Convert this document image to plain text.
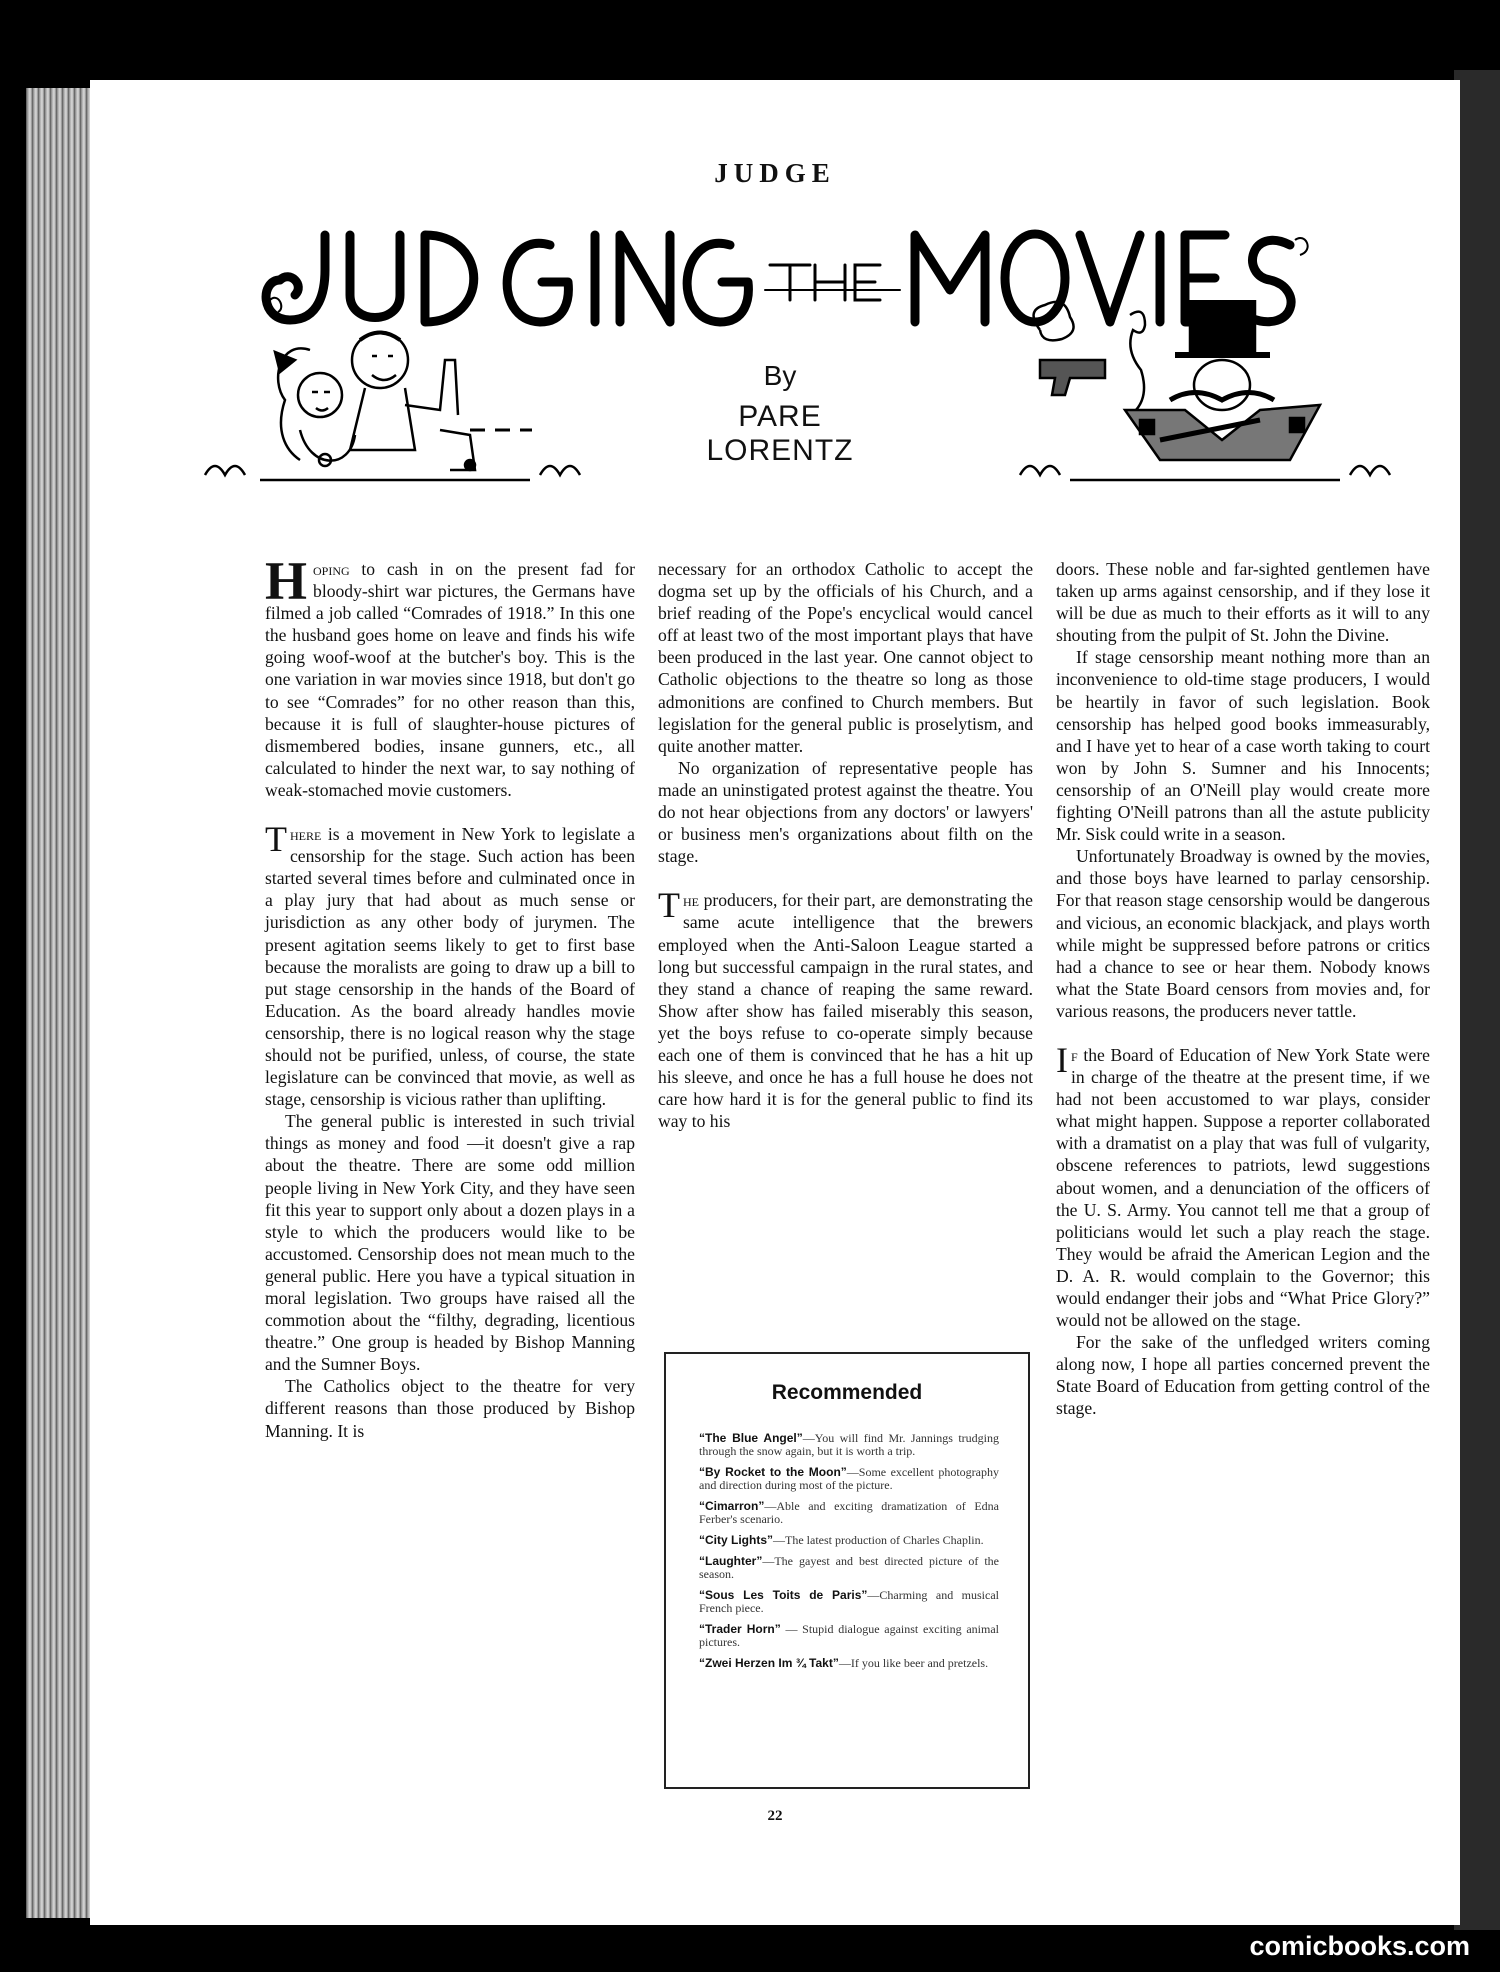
JUDGE
By
PARE LORENTZ

Hoping to cash in on the present fad for bloody-shirt war pictures, the Germans have filmed a job called “Comrades of 1918.” In this one the husband goes home on leave and finds his wife going woof-woof at the butcher's boy. This is the one variation in war movies since 1918, but don't go to see “Comrades” for no other reason than this, because it is full of slaughter-house pictures of dismembered bodies, insane gunners, etc., all calculated to hinder the next war, to say nothing of weak-stomached movie customers.

There is a movement in New York to legislate a censorship for the stage. Such action has been started several times before and culminated once in a play jury that had about as much sense or jurisdiction as any other body of jurymen. The present agitation seems likely to get to first base because the moralists are going to draw up a bill to put stage censorship in the hands of the Board of Education. As the board already handles movie censorship, there is no logical reason why the stage should not be purified, unless, of course, the state legislature can be convinced that movie, as well as stage, censorship is vicious rather than uplifting.

The general public is interested in such trivial things as money and food —it doesn't give a rap about the theatre. There are some odd million people living in New York City, and they have seen fit this year to support only about a dozen plays in a style to which the producers would like to be accustomed. Censorship does not mean much to the general public. Here you have a typical situation in moral legislation. Two groups have raised all the commotion about the “filthy, degrading, licentious theatre.” One group is headed by Bishop Manning and the Sumner Boys.

The Catholics object to the theatre for very different reasons than those produced by Bishop Manning. It is

necessary for an orthodox Catholic to accept the dogma set up by the officials of his Church, and a brief reading of the Pope's encyclical would cancel off at least two of the most important plays that have been produced in the last year. One cannot object to Catholic objections to the theatre so long as those admonitions are confined to Church members. But legislation for the general public is proselytism, and quite another matter.

No organization of representative people has made an uninstigated protest against the theatre. You do not hear objections from any doctors' or lawyers' or business men's organizations about filth on the stage.

The producers, for their part, are demonstrating the same acute intelligence that the brewers employed when the Anti-Saloon League started a long but successful campaign in the rural states, and they stand a chance of reaping the same reward. Show after show has failed miserably this season, yet the boys refuse to co-operate simply because each one of them is convinced that he has a hit up his sleeve, and once he has a full house he does not care how hard it is for the general public to find its way to his

Recommended
“The Blue Angel”—You will find Mr. Jannings trudging through the snow again, but it is worth a trip.
“By Rocket to the Moon”—Some excellent photography and direction during most of the picture.
“Cimarron”—Able and exciting dramatization of Edna Ferber's scenario.
“City Lights”—The latest production of Charles Chaplin.
“Laughter”—The gayest and best directed picture of the season.
“Sous Les Toits de Paris”—Charming and musical French piece.
“Trader Horn” — Stupid dialogue against exciting animal pictures.
“Zwei Herzen Im ¾ Takt”—If you like beer and pretzels.

doors. These noble and far-sighted gentlemen have taken up arms against censorship, and if they lose it will be due as much to their efforts as it will to any shouting from the pulpit of St. John the Divine.

If stage censorship meant nothing more than an inconvenience to old-time stage producers, I would be heartily in favor of such legislation. Book censorship has helped good books immeasurably, and I have yet to hear of a case worth taking to court won by John S. Sumner and his Innocents; censorship of an O'Neill play would create more fighting O'Neill patrons than all the astute publicity Mr. Sisk could write in a season.

Unfortunately Broadway is owned by the movies, and those boys have learned to parlay censorship. For that reason stage censorship would be dangerous and vicious, an economic blackjack, and plays worth while might be suppressed before patrons or critics had a chance to see or hear them. Nobody knows what the State Board censors from movies and, for various reasons, the producers never tattle.

If the Board of Education of New York State were in charge of the theatre at the present time, if we had not been accustomed to war plays, consider what might happen. Suppose a reporter collaborated with a dramatist on a play that was full of vulgarity, obscene references to patriots, lewd suggestions about women, and a denunciation of the officers of the U. S. Army. You cannot tell me that a group of politicians would let such a play reach the stage. They would be afraid the American Legion and the D. A. R. would complain to the Governor; this would endanger their jobs and “What Price Glory?” would not be allowed on the stage.

For the sake of the unfledged writers coming along now, I hope all parties concerned prevent the State Board of Education from getting control of the stage.

22
comicbooks.com
